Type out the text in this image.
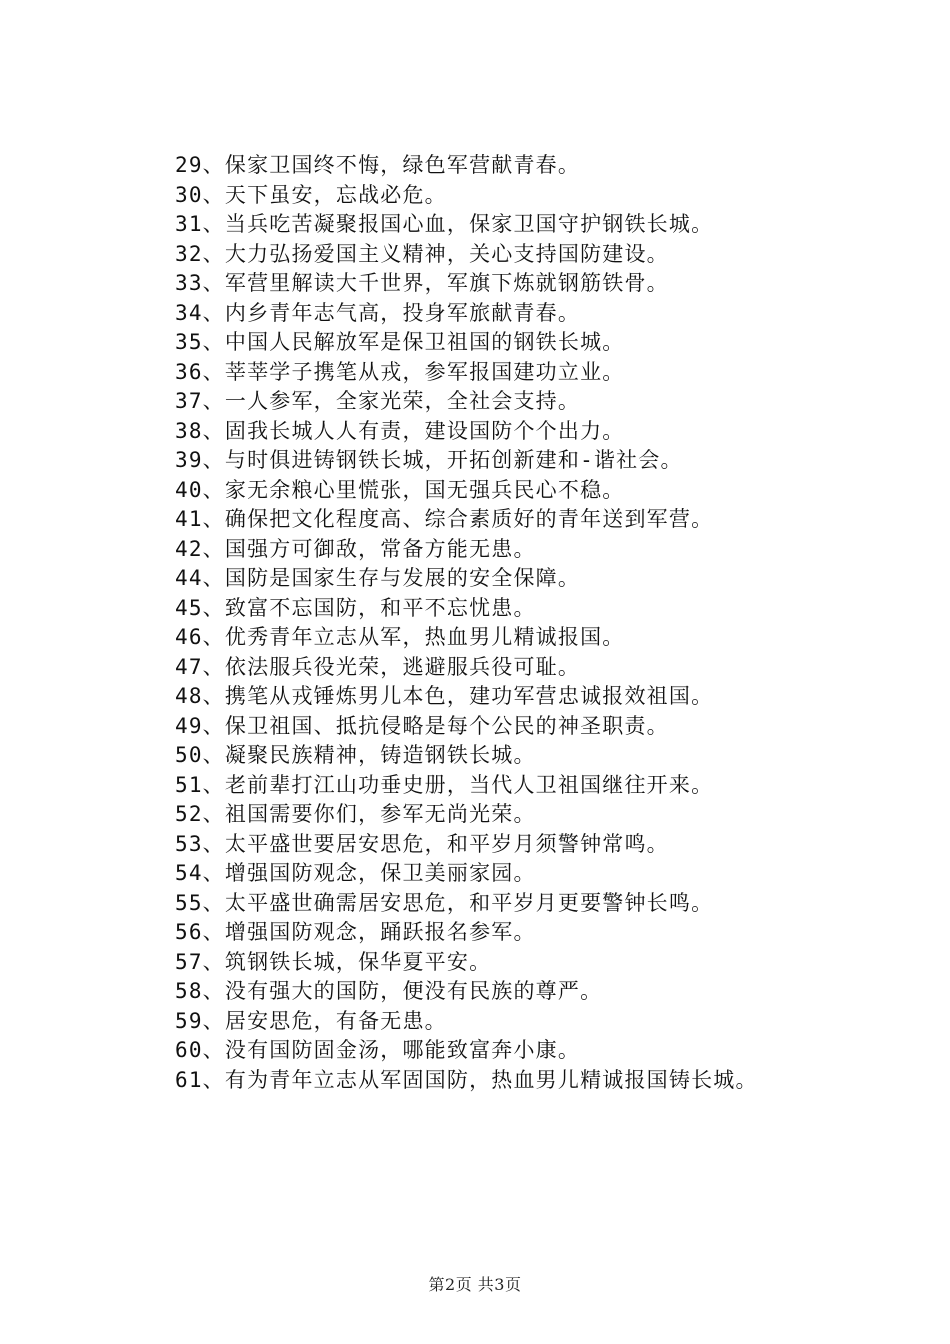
29、保家卫国终不悔，绿色军营献青春。
30、天下虽安，忘战必危。
31、当兵吃苦凝聚报国心血，保家卫国守护钢铁长城。
32、大力弘扬爱国主义精神，关心支持国防建设。
33、军营里解读大千世界，军旗下炼就钢筋铁骨。
34、内乡青年志气高，投身军旅献青春。
35、中国人民解放军是保卫祖国的钢铁长城。
36、莘莘学子携笔从戎，参军报国建功立业。
37、一人参军，全家光荣，全社会支持。
38、固我长城人人有责，建设国防个个出力。
39、与时俱进铸钢铁长城，开拓创新建和-谐社会。
40、家无余粮心里慌张，国无强兵民心不稳。
41、确保把文化程度高、综合素质好的青年送到军营。
42、国强方可御敌，常备方能无患。
44、国防是国家生存与发展的安全保障。
45、致富不忘国防，和平不忘忧患。
46、优秀青年立志从军，热血男儿精诚报国。
47、依法服兵役光荣，逃避服兵役可耻。
48、携笔从戎锤炼男儿本色，建功军营忠诚报效祖国。
49、保卫祖国、抵抗侵略是每个公民的神圣职责。
50、凝聚民族精神，铸造钢铁长城。
51、老前辈打江山功垂史册，当代人卫祖国继往开来。
52、祖国需要你们，参军无尚光荣。
53、太平盛世要居安思危，和平岁月须警钟常鸣。
54、增强国防观念，保卫美丽家园。
55、太平盛世确需居安思危，和平岁月更要警钟长鸣。
56、增强国防观念，踊跃报名参军。
57、筑钢铁长城，保华夏平安。
58、没有强大的国防，便没有民族的尊严。
59、居安思危，有备无患。
60、没有国防固金汤，哪能致富奔小康。
61、有为青年立志从军固国防，热血男儿精诚报国铸长城。
第2页 共3页
